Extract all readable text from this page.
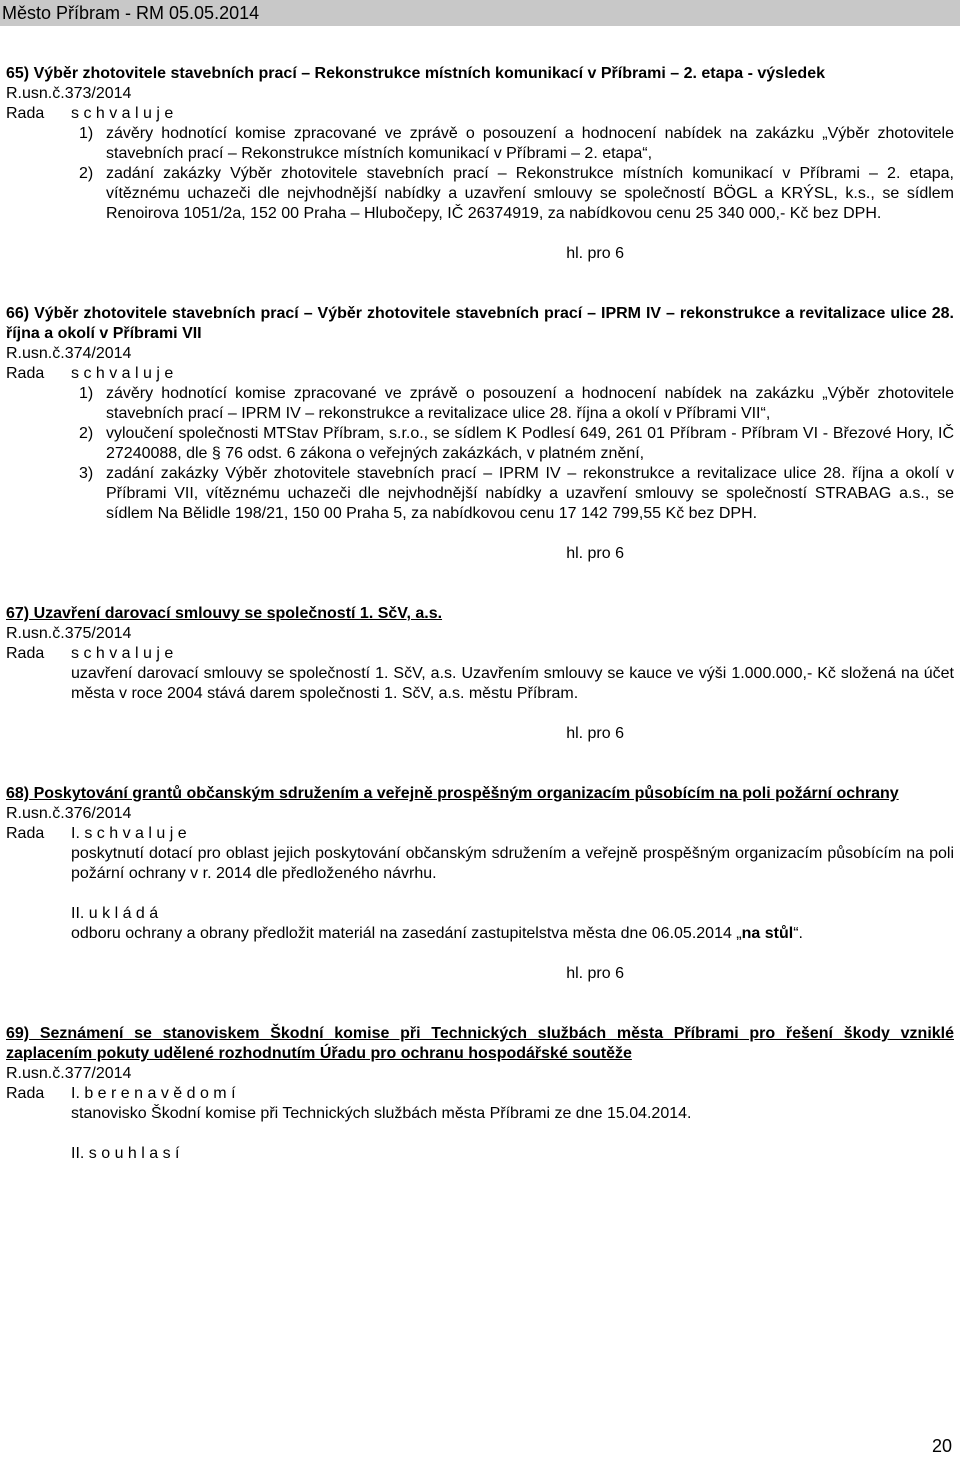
Město Příbram - RM 05.05.2014
65) Výběr zhotovitele stavebních prací – Rekonstrukce místních komunikací v Příbrami – 2. etapa - výsledek
R.usn.č.373/2014
Rada	s c h v a l u j e
1) závěry hodnotící komise zpracované ve zprávě o posouzení a hodnocení nabídek na zakázku „Výběr zhotovitele stavebních prací – Rekonstrukce místních komunikací v Příbrami – 2. etapa“,
2) zadání zakázky Výběr zhotovitele stavebních prací – Rekonstrukce místních komunikací v Příbrami – 2. etapa, vítěznému uchazeči dle nejvhodnější nabídky a uzavření smlouvy se společností BÖGL a KRÝSL, k.s., se sídlem Renoirova 1051/2a, 152 00 Praha – Hlubočepy, IČ 26374919, za nabídkovou cenu 25 340 000,- Kč bez DPH.
hl. pro 6
66) Výběr zhotovitele stavebních prací – Výběr zhotovitele stavebních prací – IPRM IV – rekonstrukce a revitalizace ulice 28. října a okolí v Příbrami VII
R.usn.č.374/2014
Rada	s c h v a l u j e
1) závěry hodnotící komise zpracované ve zprávě o posouzení a hodnocení nabídek na zakázku „Výběr zhotovitele stavebních prací – IPRM IV – rekonstrukce a revitalizace ulice 28. října a okolí v Příbrami VII“,
2) vyloučení společnosti MTStav Příbram, s.r.o., se sídlem K Podlesí 649, 261 01 Příbram - Příbram VI - Březové Hory, IČ 27240088, dle § 76 odst. 6 zákona o veřejných zakázkách, v platném znění,
3) zadání zakázky Výběr zhotovitele stavebních prací – IPRM IV – rekonstrukce a revitalizace ulice 28. října a okolí v Příbrami VII, vítěznému uchazeči dle nejvhodnější nabídky a uzavření smlouvy se společností STRABAG a.s., se sídlem Na Bělidle 198/21, 150 00 Praha 5, za nabídkovou cenu 17 142 799,55 Kč bez DPH.
hl. pro 6
67) Uzavření darovací smlouvy se společností 1. SčV, a.s.
R.usn.č.375/2014
Rada	s c h v a l u j e
uzavření darovací smlouvy se společností 1. SčV, a.s. Uzavřením smlouvy se kauce ve výši 1.000.000,- Kč složená na účet města v roce 2004 stává darem společnosti 1. SčV, a.s. městu Příbram.
hl. pro 6
68) Poskytování grantů občanským sdružením a veřejně prospěšným organizacím působícím na poli požární ochrany
R.usn.č.376/2014
Rada	I. s c h v a l u j e
poskytnutí dotací pro oblast jejich poskytování občanským sdružením a veřejně prospěšným organizacím působícím na poli požární ochrany v r. 2014 dle předloženého návrhu.
II. u k l á d á
odboru ochrany a obrany předložit materiál na zasedání zastupitelstva města dne 06.05.2014 „na stůl“.
hl. pro 6
69) Seznámení se stanoviskem Škodní komise při Technických službách města Příbrami pro řešení škody vzniklé zaplacením pokuty udělené rozhodnutím Úřadu pro ochranu hospodářské soutěže
R.usn.č.377/2014
Rada	I. b e r e n a v ě d o m í
stanovisko Škodní komise při Technických službách města Příbrami ze dne 15.04.2014.
II. s o u h l a s í
20
